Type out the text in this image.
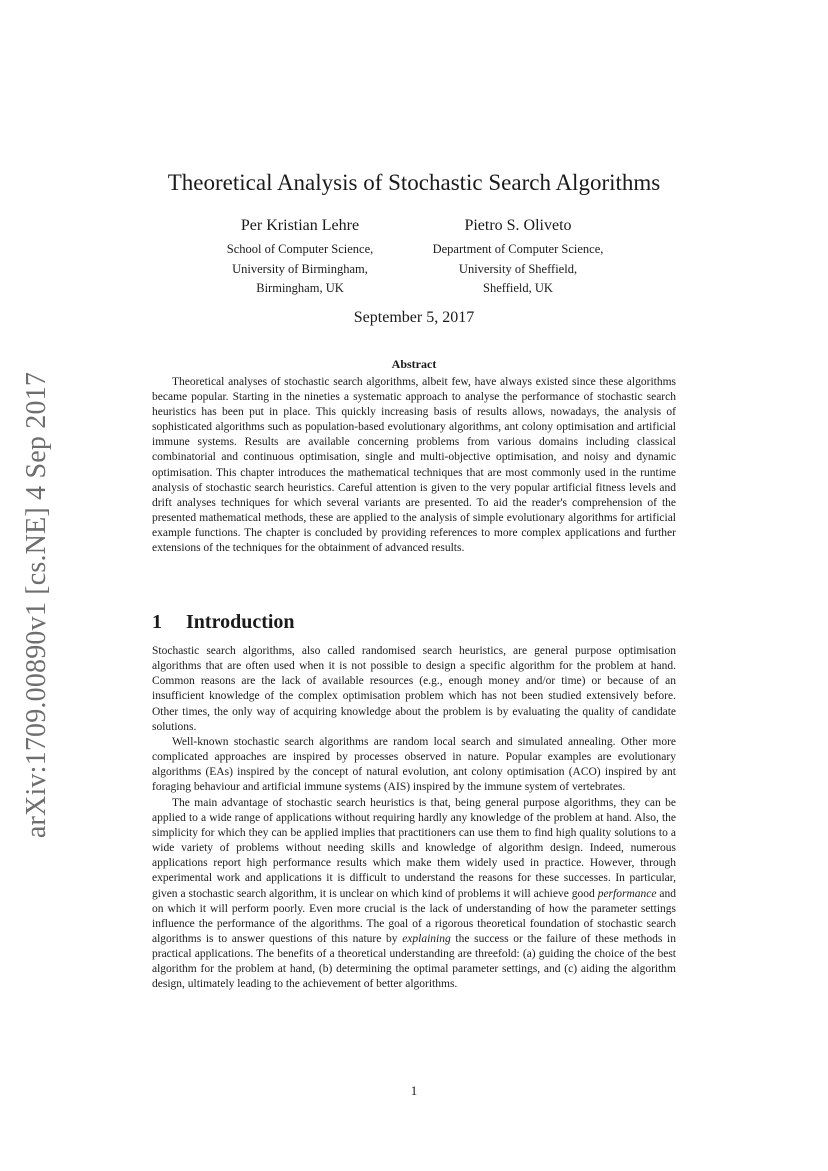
arXiv:1709.00890v1 [cs.NE] 4 Sep 2017
Theoretical Analysis of Stochastic Search Algorithms
Per Kristian Lehre
School of Computer Science,
University of Birmingham,
Birmingham, UK
Pietro S. Oliveto
Department of Computer Science,
University of Sheffield,
Sheffield, UK
September 5, 2017
Abstract

Theoretical analyses of stochastic search algorithms, albeit few, have always existed since these algorithms became popular. Starting in the nineties a systematic approach to analyse the performance of stochastic search heuristics has been put in place. This quickly increasing basis of results allows, nowadays, the analysis of sophisticated algorithms such as population-based evolutionary algorithms, ant colony optimisation and artificial immune systems. Results are available concerning problems from various domains including classical combinatorial and continuous optimisation, single and multi-objective optimisation, and noisy and dynamic optimisation. This chapter introduces the mathematical techniques that are most commonly used in the runtime analysis of stochastic search heuristics. Careful attention is given to the very popular artificial fitness levels and drift analyses techniques for which several variants are presented. To aid the reader's comprehension of the presented mathematical methods, these are applied to the analysis of simple evolutionary algorithms for artificial example functions. The chapter is concluded by providing references to more complex applications and further extensions of the techniques for the obtainment of advanced results.

1 Introduction

Stochastic search algorithms, also called randomised search heuristics, are general purpose optimisation algorithms that are often used when it is not possible to design a specific algorithm for the problem at hand. Common reasons are the lack of available resources (e.g., enough money and/or time) or because of an insufficient knowledge of the complex optimisation problem which has not been studied extensively before. Other times, the only way of acquiring knowledge about the problem is by evaluating the quality of candidate solutions.

Well-known stochastic search algorithms are random local search and simulated annealing. Other more complicated approaches are inspired by processes observed in nature. Popular examples are evolutionary algorithms (EAs) inspired by the concept of natural evolution, ant colony optimisation (ACO) inspired by ant foraging behaviour and artificial immune systems (AIS) inspired by the immune system of vertebrates.

The main advantage of stochastic search heuristics is that, being general purpose algorithms, they can be applied to a wide range of applications without requiring hardly any knowledge of the problem at hand. Also, the simplicity for which they can be applied implies that practitioners can use them to find high quality solutions to a wide variety of problems without needing skills and knowledge of algorithm design. Indeed, numerous applications report high performance results which make them widely used in practice. However, through experimental work and applications it is difficult to understand the reasons for these successes. In particular, given a stochastic search algorithm, it is unclear on which kind of problems it will achieve good performance and on which it will perform poorly. Even more crucial is the lack of understanding of how the parameter settings influence the performance of the algorithms. The goal of a rigorous theoretical foundation of stochastic search algorithms is to answer questions of this nature by explaining the success or the failure of these methods in practical applications. The benefits of a theoretical understanding are threefold: (a) guiding the choice of the best algorithm for the problem at hand, (b) determining the optimal parameter settings, and (c) aiding the algorithm design, ultimately leading to the achievement of better algorithms.

1
